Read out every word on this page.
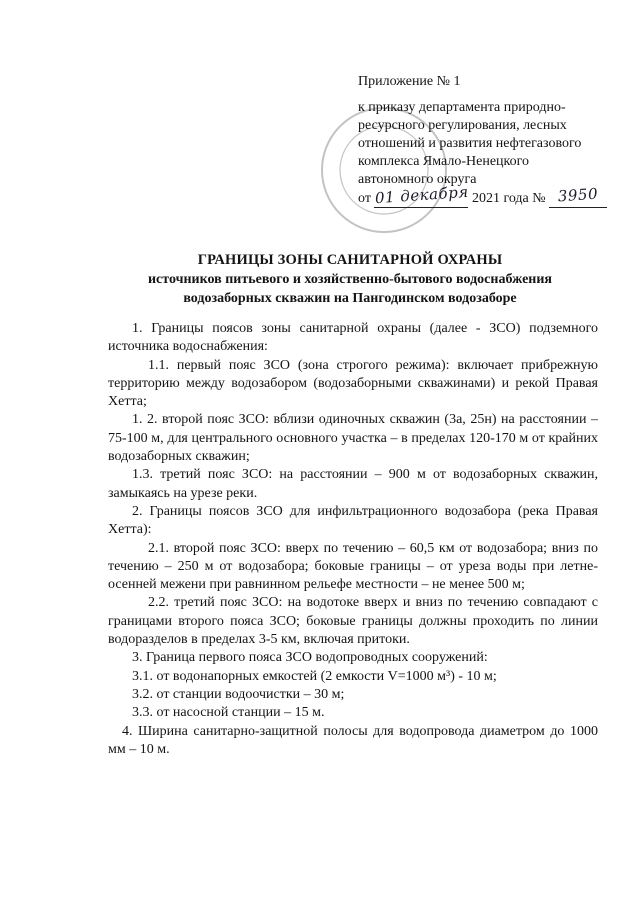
Приложение № 1
к приказу департамента природно-
ресурсного регулирования, лесных
отношений и развития нефтегазового
комплекса Ямало-Ненецкого
автономного округа
от 01 декабря 2021 года № 3950
ГРАНИЦЫ ЗОНЫ САНИТАРНОЙ ОХРАНЫ
источников питьевого и хозяйственно-бытового водоснабжения
водозаборных скважин на Пангодинском водозаборе

1. Границы поясов зоны санитарной охраны (далее - ЗСО) подземного источника водоснабжения:

1.1. первый пояс ЗСО (зона строгого режима): включает прибрежную территорию между водозабором (водозаборными скважинами) и рекой Правая Хетта;

1. 2. второй пояс ЗСО: вблизи одиночных скважин (3а, 25н) на расстоянии – 75-100 м, для центрального основного участка – в пределах 120-170 м от крайних водозаборных скважин;

1.3. третий пояс ЗСО: на расстоянии – 900 м от водозаборных скважин, замыкаясь на урезе реки.

2. Границы поясов ЗСО для инфильтрационного водозабора (река Правая Хетта):

2.1. второй пояс ЗСО: вверх по течению – 60,5 км от водозабора; вниз по течению – 250 м от водозабора; боковые границы – от уреза воды при летне-осенней межени при равнинном рельефе местности – не менее 500 м;

2.2. третий пояс ЗСО: на водотоке вверх и вниз по течению совпадают с границами второго пояса ЗСО; боковые границы должны проходить по линии водоразделов в пределах 3-5 км, включая притоки.

3. Граница первого пояса ЗСО водопроводных сооружений:

3.1. от водонапорных емкостей (2 емкости V=1000 м³) - 10 м;

3.2. от станции водоочистки – 30 м;

3.3. от насосной станции – 15 м.

4. Ширина санитарно-защитной полосы для водопровода диаметром до 1000 мм – 10 м.
